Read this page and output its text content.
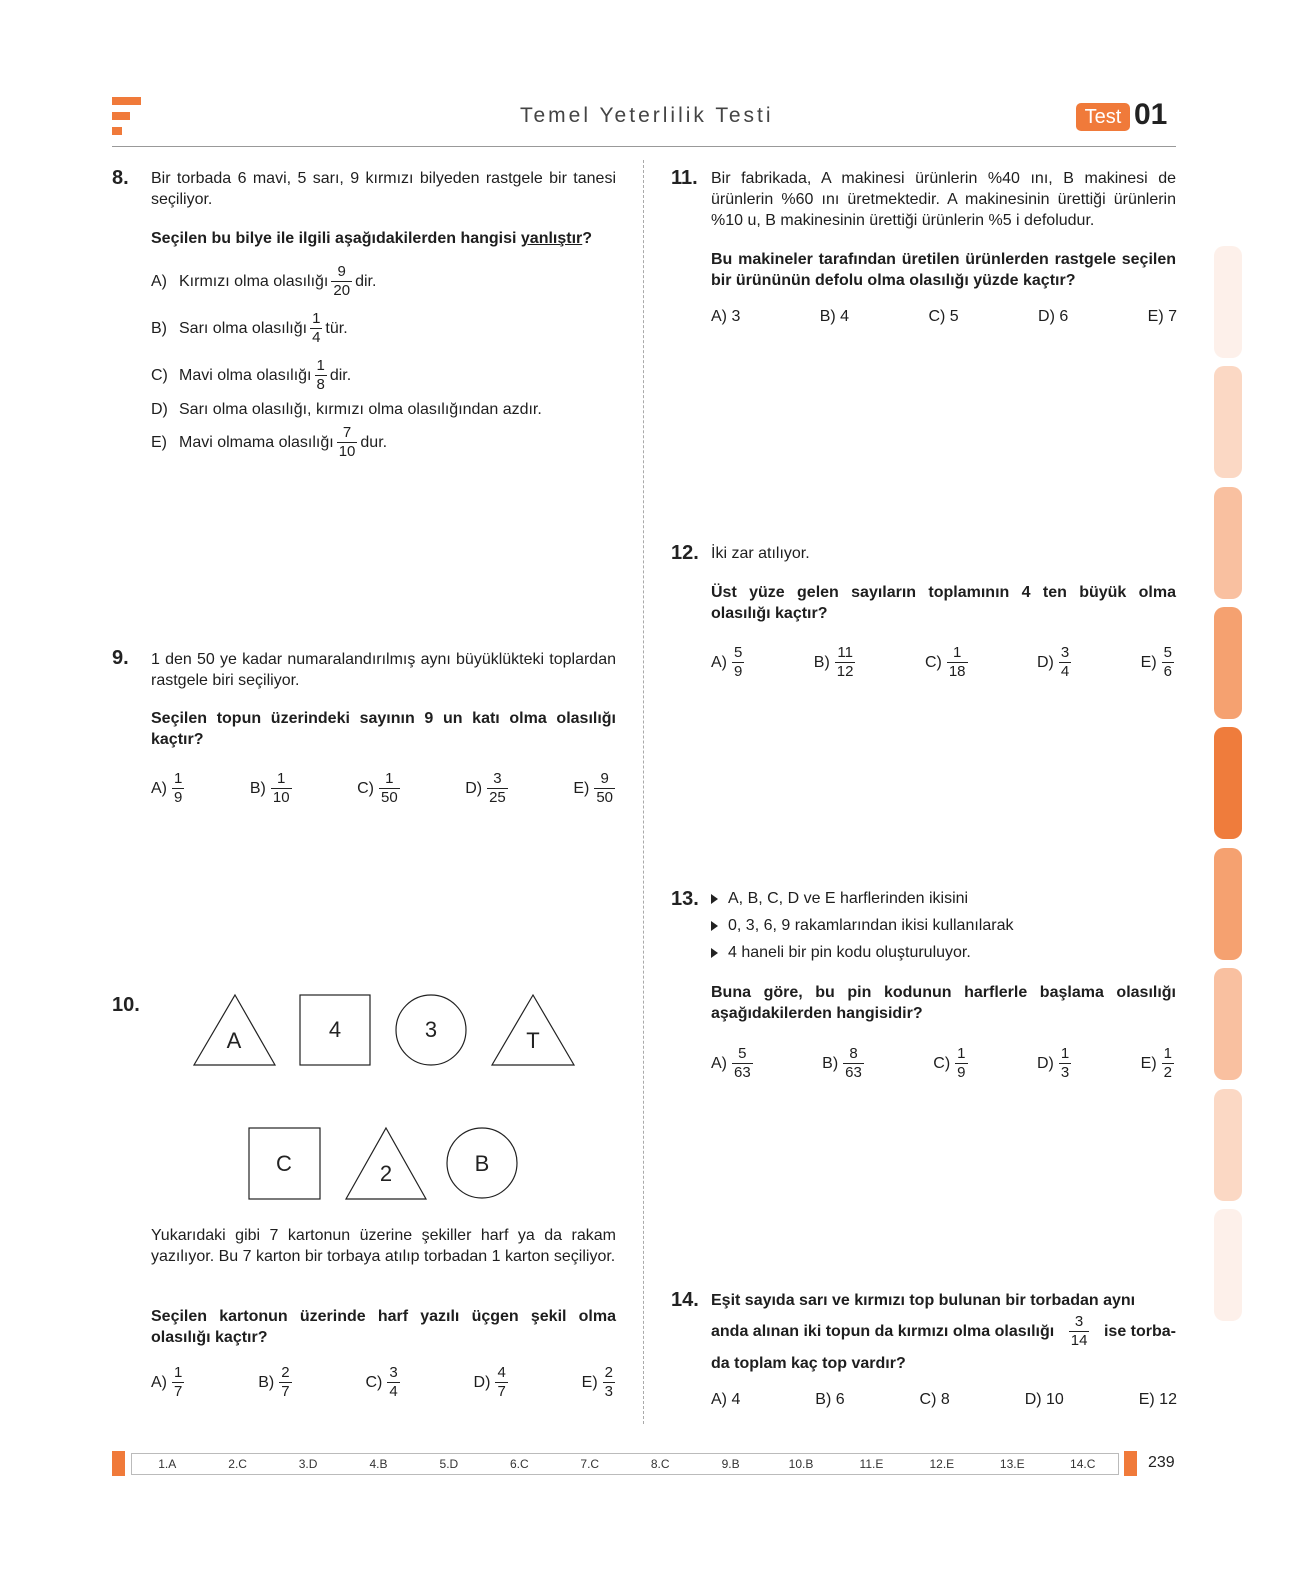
Temel Yeterlilik Testi	Test 01
8. Bir torbada 6 mavi, 5 sarı, 9 kırmızı bilyeden rastgele bir tanesi seçiliyor.
Seçilen bu bilye ile ilgili aşağıdakilerden hangisi yanlıştır?
A) Kırmızı olma olasılığı $\frac{9}{20}$ dir.
B) Sarı olma olasılığı $\frac{1}{4}$ tür.
C) Mavi olma olasılığı $\frac{1}{8}$ dir.
D) Sarı olma olasılığı, kırmızı olma olasılığından azdır.
E) Mavi olmama olasılığı $\frac{7}{10}$ dur.
9. 1 den 50 ye kadar numaralandırılmış aynı büyüklükteki toplardan rastgele biri seçiliyor.
Seçilen topun üzerindeki sayının 9 un katı olma olasılığı kaçtır?
$A) \frac{1}{9}$	$B) \frac{1}{10}$	$C) \frac{1}{50}$	$D) \frac{3}{25}$	$E) \frac{9}{50}$
10.
A	4	3	T
C	2	B
Yukarıdaki gibi 7 kartonun üzerine şekiller harf ya da rakam yazılıyor. Bu 7 karton bir torbaya atılıp torbadan 1 karton seçiliyor.
Seçilen kartonun üzerinde harf yazılı üçgen şekil olma olasılığı kaçtır?
$A) \frac{1}{7}$	$B) \frac{2}{7}$	$C) \frac{3}{4}$	$D) \frac{4}{7}$	$E) \frac{2}{3}$
11. Bir fabrikada, A makinesi ürünlerin %40 ını, B makinesi de ürünlerin %60 ını üretmektedir. A makinesinin ürettiği ürünlerin %10 u, B makinesinin ürettiği ürünlerin %5 i defoludur.
Bu makineler tarafından üretilen ürünlerden rastgele seçilen bir ürününün defolu olma olasılığı yüzde kaçtır?
A) 3	B) 4	C) 5	D) 6	E) 7
12. İki zar atılıyor.
Üst yüze gelen sayıların toplamının 4 ten büyük olma olasılığı kaçtır?
$A) \frac{5}{9}$	$B) \frac{11}{12}$	$C) \frac{1}{18}$	$D) \frac{3}{4}$	$E) \frac{5}{6}$
13. A, B, C, D ve E harflerinden ikisini
0, 3, 6, 9 rakamlarından ikisi kullanılarak
4 haneli bir pin kodu oluşturuluyor.
Buna göre, bu pin kodunun harflerle başlama olasılığı aşağıdakilerden hangisidir?
$A) \frac{5}{63}$	$B) \frac{8}{63}$	$C) \frac{1}{9}$	$D) \frac{1}{3}$	$E) \frac{1}{2}$
14. Eşit sayıda sarı ve kırmızı top bulunan bir torbadan aynı
anda alınan iki topun da kırmızı olma olasılığı $\frac{3}{14}$ ise torba-
da toplam kaç top vardır?
A) 4	B) 6	C) 8	D) 10	E) 12
1.A	2.C	3.D	4.B	5.D	6.C	7.C	8.C	9.B	10.B	11.E	12.E	13.E	14.C	239
